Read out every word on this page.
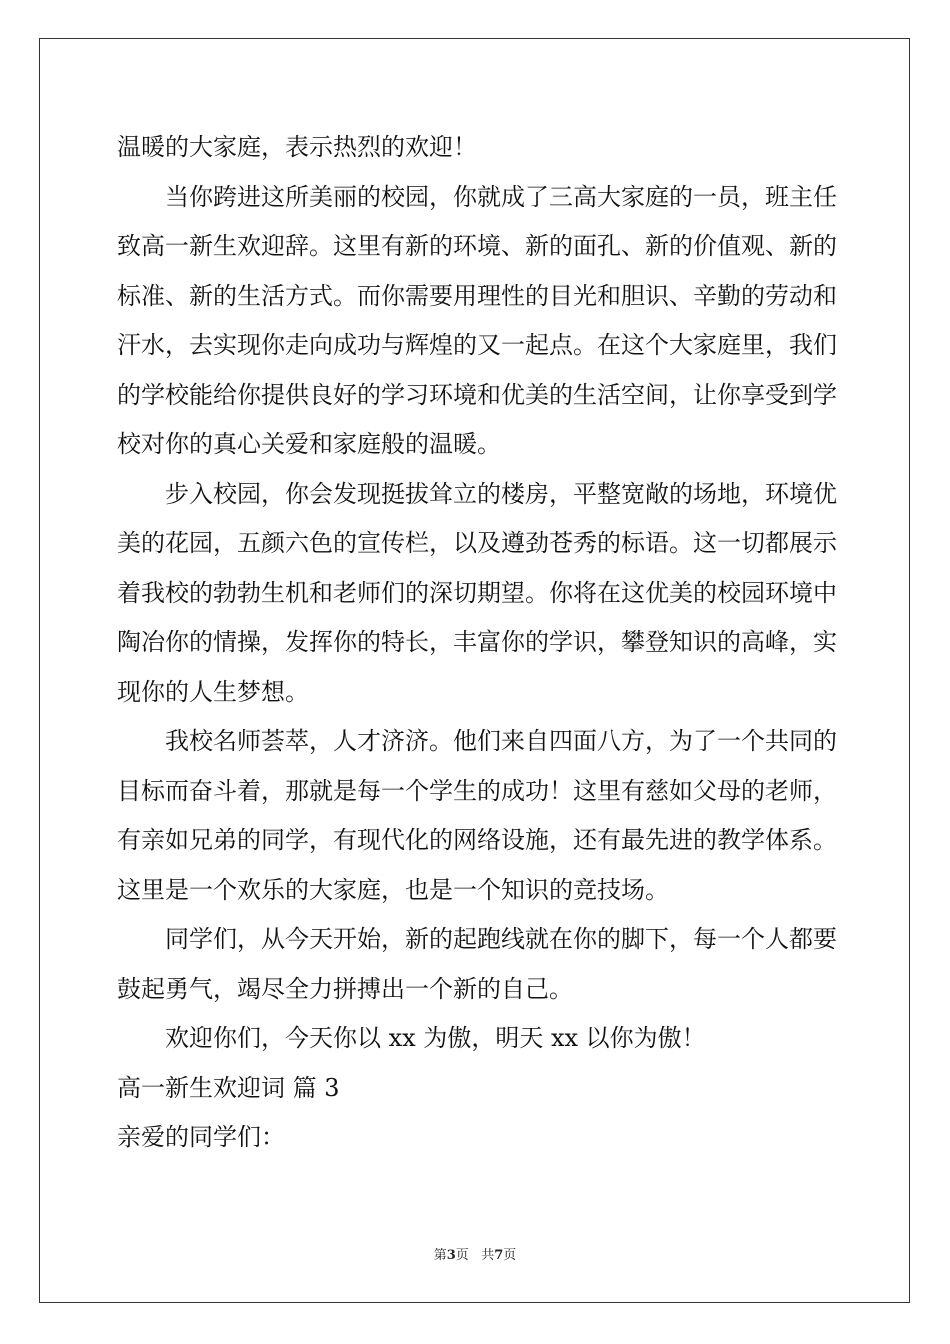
温暖的大家庭，表示热烈的欢迎！
当你跨进这所美丽的校园，你就成了三高大家庭的一员，班主任
致高一新生欢迎辞。这里有新的环境、新的面孔、新的价值观、新的
标准、新的生活方式。而你需要用理性的目光和胆识、辛勤的劳动和
汗水，去实现你走向成功与辉煌的又一起点。在这个大家庭里，我们
的学校能给你提供良好的学习环境和优美的生活空间，让你享受到学
校对你的真心关爱和家庭般的温暖。
步入校园，你会发现挺拔耸立的楼房，平整宽敞的场地，环境优
美的花园，五颜六色的宣传栏，以及遵劲苍秀的标语。这一切都展示
着我校的勃勃生机和老师们的深切期望。你将在这优美的校园环境中
陶冶你的情操，发挥你的特长，丰富你的学识，攀登知识的高峰，实
现你的人生梦想。
我校名师荟萃，人才济济。他们来自四面八方，为了一个共同的
目标而奋斗着，那就是每一个学生的成功！这里有慈如父母的老师，
有亲如兄弟的同学，有现代化的网络设施，还有最先进的教学体系。
这里是一个欢乐的大家庭，也是一个知识的竞技场。
同学们，从今天开始，新的起跑线就在你的脚下，每一个人都要
鼓起勇气，竭尽全力拼搏出一个新的自己。
欢迎你们，今天你以 xx 为傲，明天 xx 以你为傲！
高一新生欢迎词 篇 3
亲爱的同学们：
第3页 共7页
